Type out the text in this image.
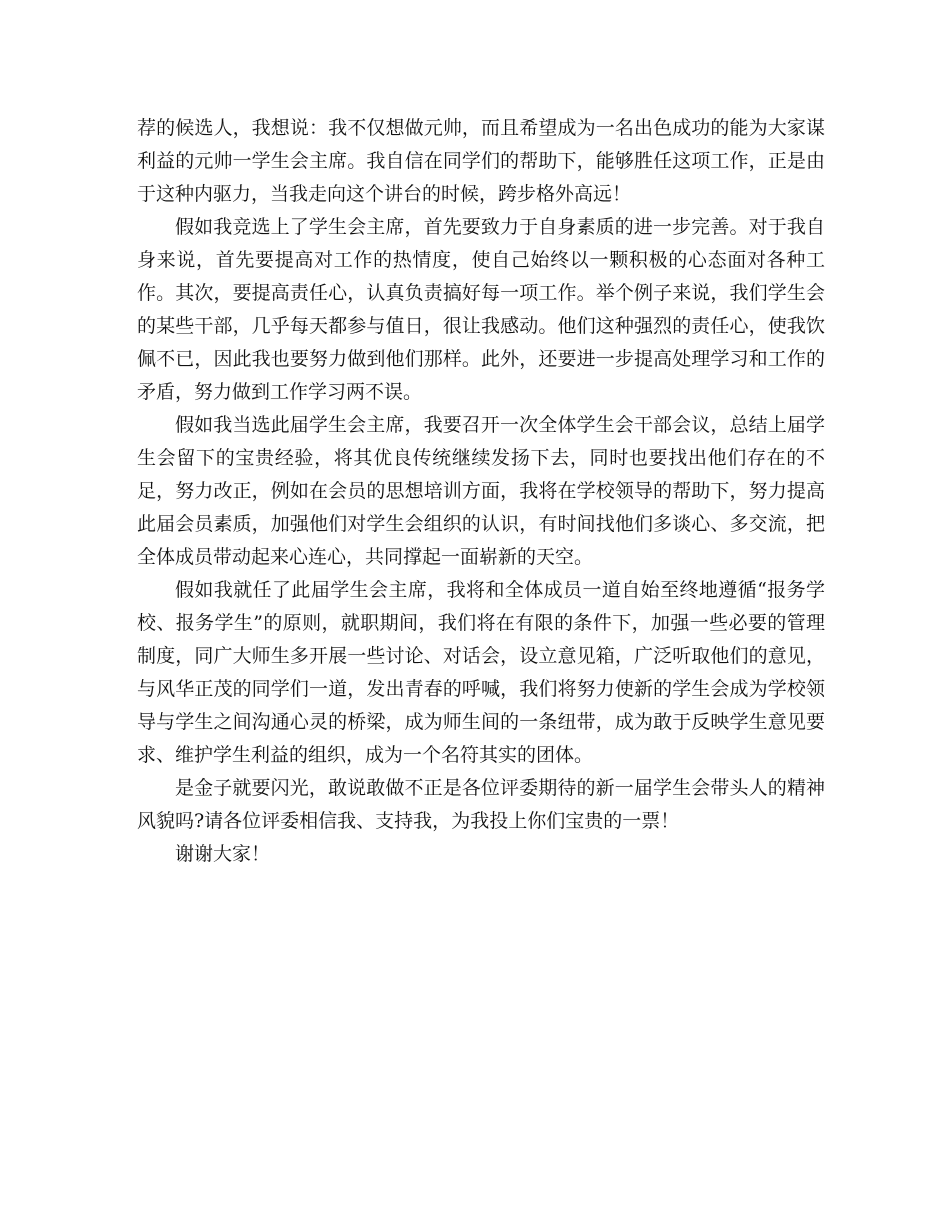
荐的候选人，我想说：我不仅想做元帅，而且希望成为一名出色成功的能为大家谋利益的元帅一学生会主席。我自信在同学们的帮助下，能够胜任这项工作，正是由于这种内驱力，当我走向这个讲台的时候，跨步格外高远！

假如我竞选上了学生会主席，首先要致力于自身素质的进一步完善。对于我自身来说，首先要提高对工作的热情度，使自己始终以一颗积极的心态面对各种工作。其次，要提高责任心，认真负责搞好每一项工作。举个例子来说，我们学生会的某些干部，几乎每天都参与值日，很让我感动。他们这种强烈的责任心，使我饮佩不已，因此我也要努力做到他们那样。此外，还要进一步提高处理学习和工作的矛盾，努力做到工作学习两不误。

假如我当选此届学生会主席，我要召开一次全体学生会干部会议，总结上届学生会留下的宝贵经验，将其优良传统继续发扬下去，同时也要找出他们存在的不足，努力改正，例如在会员的思想培训方面，我将在学校领导的帮助下，努力提高此届会员素质，加强他们对学生会组织的认识，有时间找他们多谈心、多交流，把全体成员带动起来心连心，共同撑起一面崭新的天空。

假如我就任了此届学生会主席，我将和全体成员一道自始至终地遵循“报务学校、报务学生”的原则，就职期间，我们将在有限的条件下，加强一些必要的管理制度，同广大师生多开展一些讨论、对话会，设立意见箱，广泛听取他们的意见，与风华正茂的同学们一道，发出青春的呼喊，我们将努力使新的学生会成为学校领导与学生之间沟通心灵的桥梁，成为师生间的一条纽带，成为敢于反映学生意见要求、维护学生利益的组织，成为一个名符其实的团体。

是金子就要闪光，敢说敢做不正是各位评委期待的新一届学生会带头人的精神风貌吗?请各位评委相信我、支持我，为我投上你们宝贵的一票！

谢谢大家！
